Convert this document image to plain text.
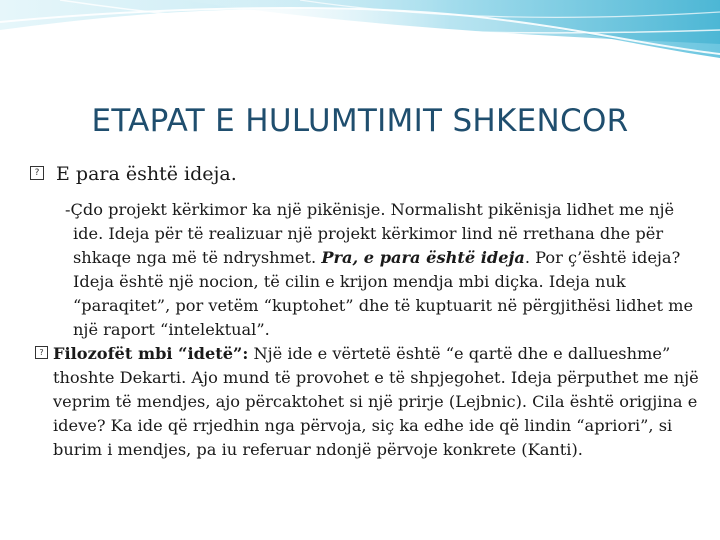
ETAPAT E HULUMTIMIT SHKENCOR

? E para është ideja.

-Çdo projekt kërkimor ka një pikënisje. Normalisht pikënisja lidhet me një ide. Ideja për të realizuar një projekt kërkimor lind në rrethana dhe për shkaqe nga më të ndryshmet. Pra, e para është ideja. Por ç’është ideja? Ideja është një nocion, të cilin e krijon mendja mbi diçka. Ideja nuk “paraqitet”, por vetëm “kuptohet” dhe të kuptuarit në përgjithësi lidhet me një raport “intelektual”.

? Filozofët mbi “idetë”: Një ide e vërtetë është “e qartë dhe e dallueshme” thoshte Dekarti. Ajo mund të provohet e të shpjegohet. Ideja përputhet me një veprim të mendjes, ajo përcaktohet si një prirje (Lejbnic). Cila është origjina e ideve? Ka ide që rrjedhin nga përvoja, siç ka edhe ide që lindin “apriori”, si burim i mendjes, pa iu referuar ndonjë përvoje konkrete (Kanti).
